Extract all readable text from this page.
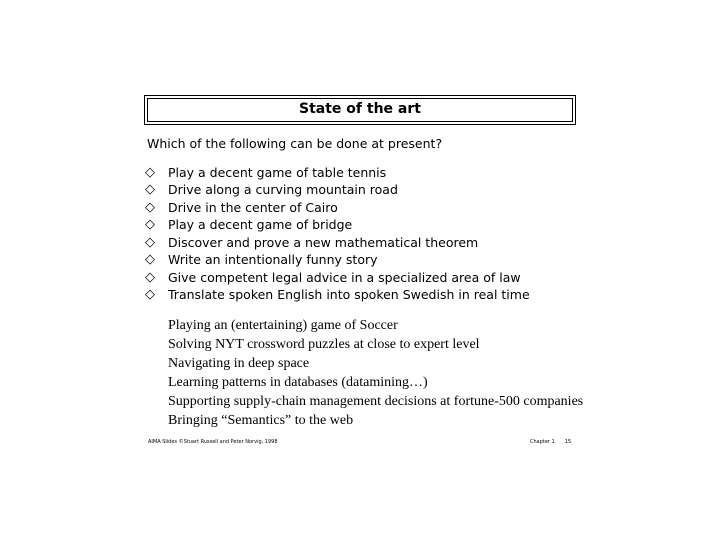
State of the art
Which of the following can be done at present?
◇	Play a decent game of table tennis
◇	Drive along a curving mountain road
◇	Drive in the center of Cairo
◇	Play a decent game of bridge
◇	Discover and prove a new mathematical theorem
◇	Write an intentionally funny story
◇	Give competent legal advice in a specialized area of law
◇	Translate spoken English into spoken Swedish in real time
Playing an (entertaining) game of Soccer
Solving NYT crossword puzzles at close to expert level
Navigating in deep space
Learning patterns in databases (datamining…)
Supporting supply-chain management decisions at fortune-500 companies
Bringing “Semantics” to the web
AIMA Slides ©Stuart Russell and Peter Norvig, 1998	Chapter 1 15
